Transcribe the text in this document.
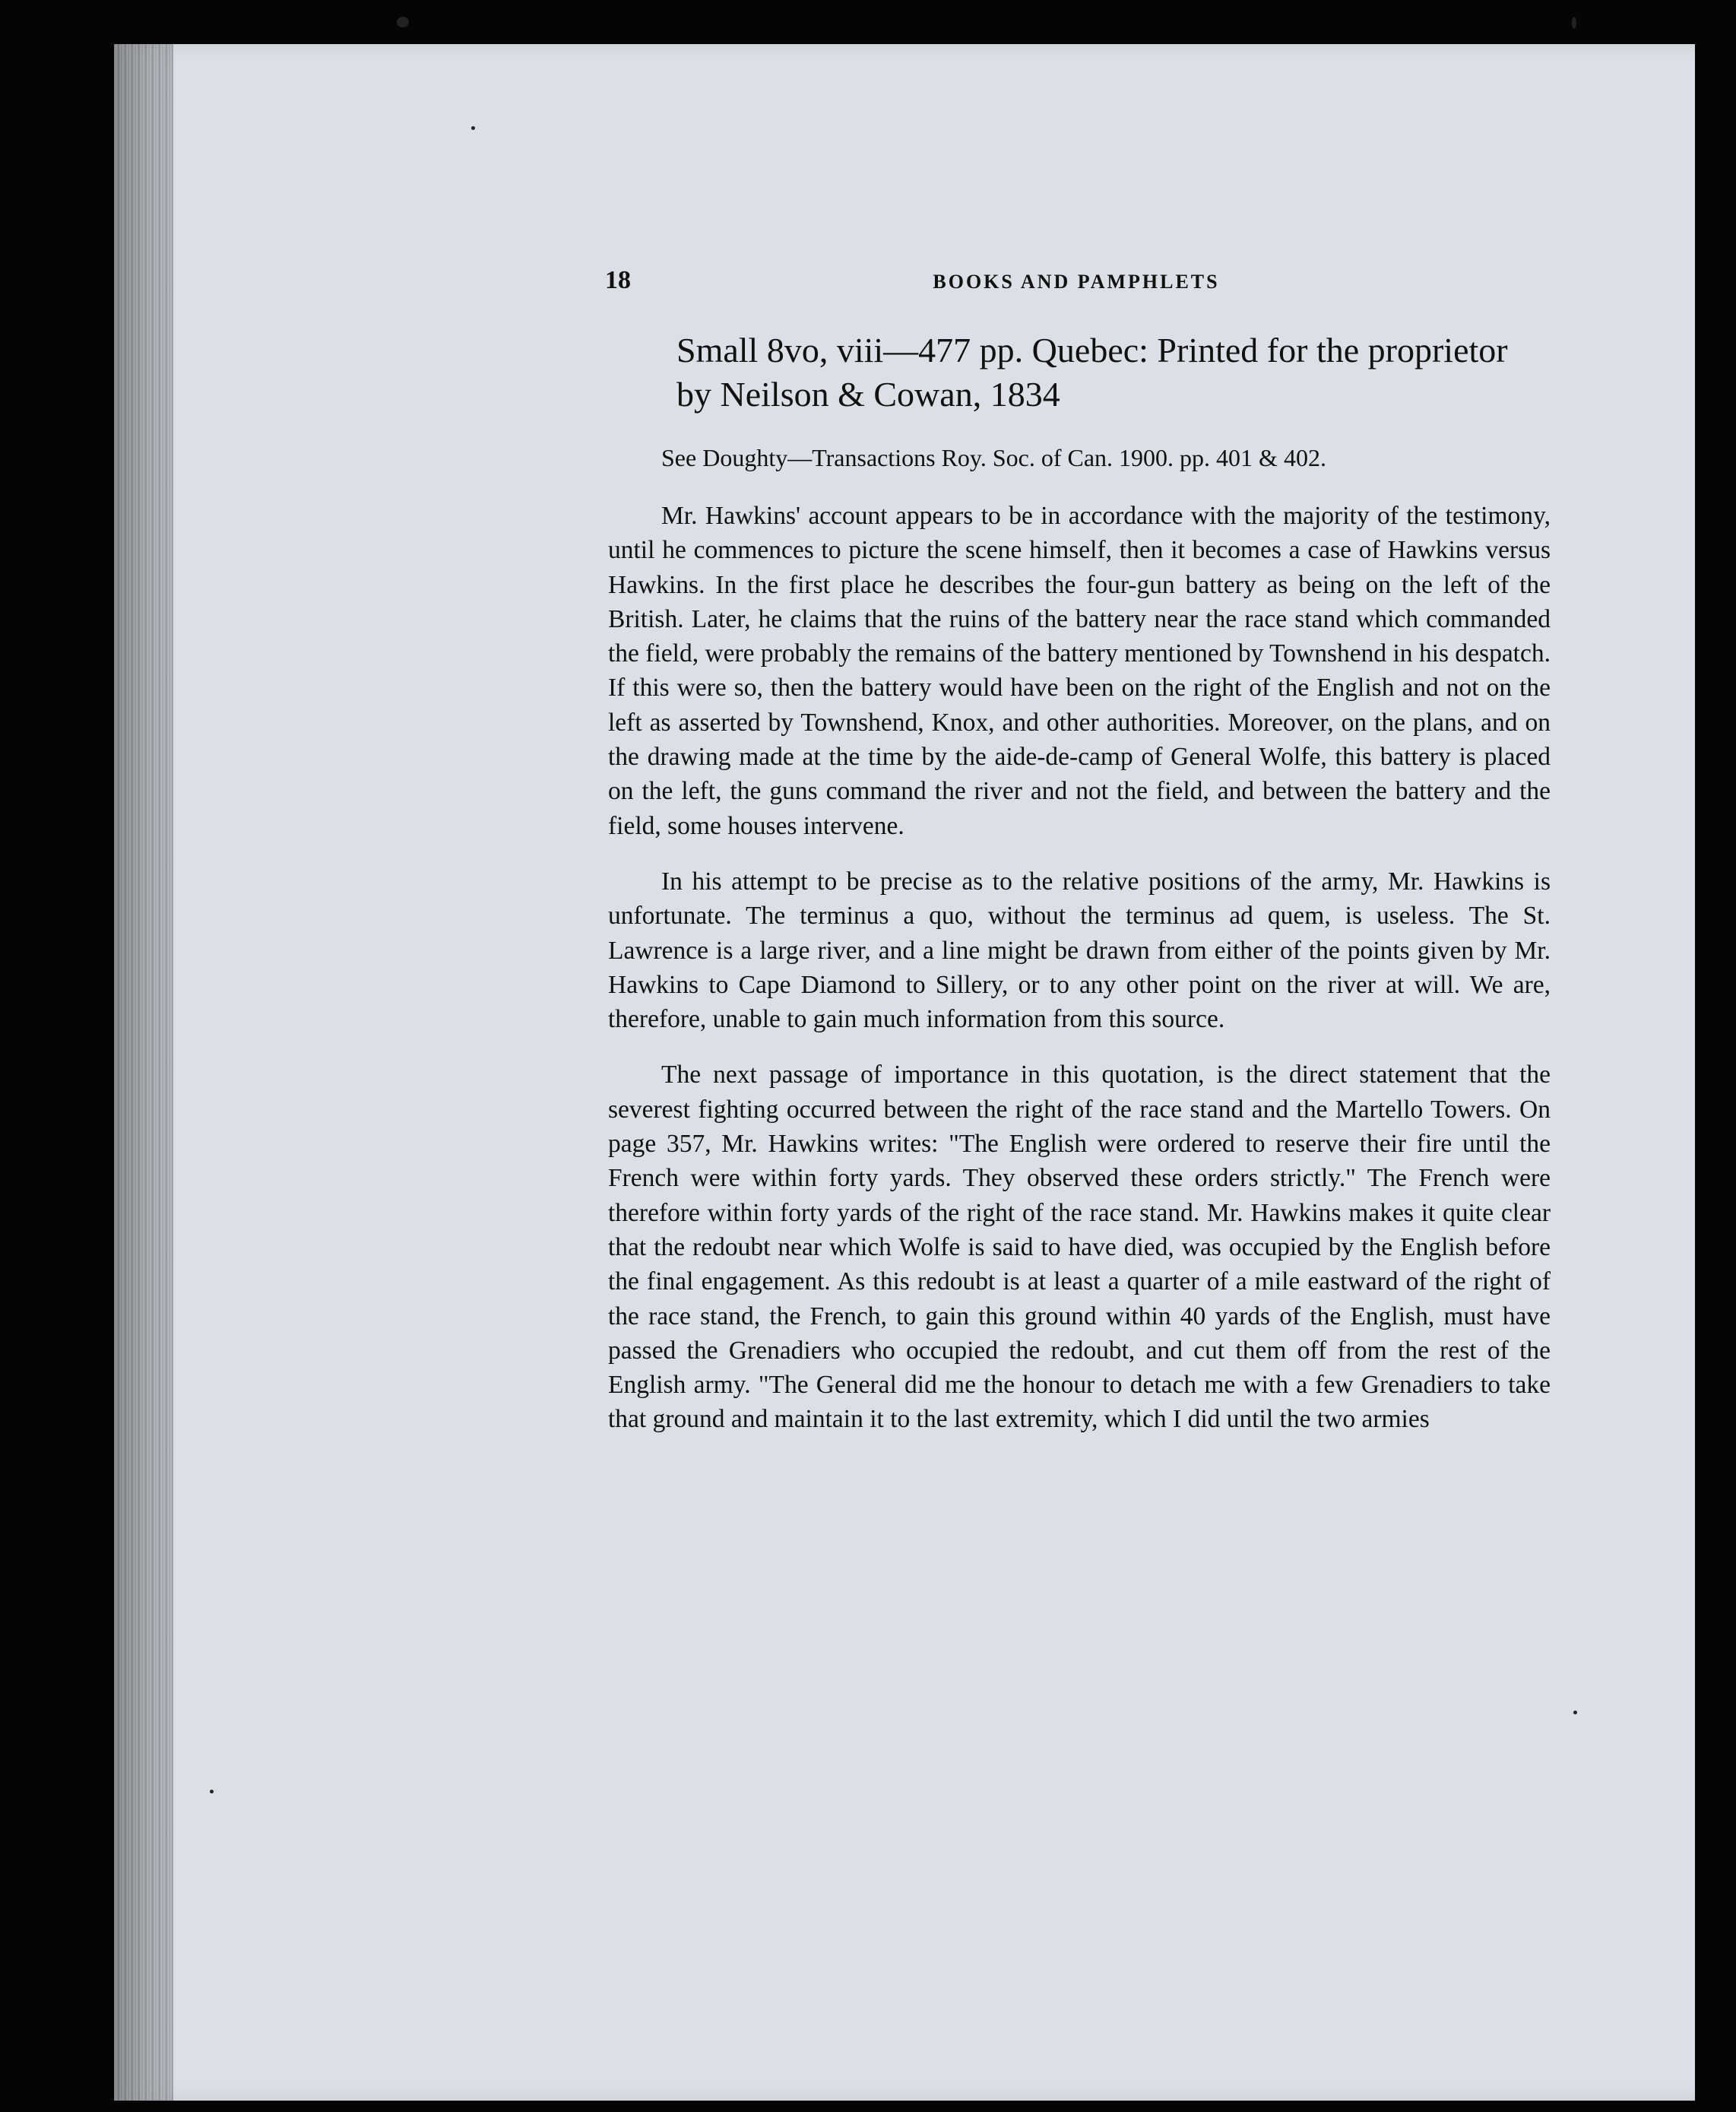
18	BOOKS AND PAMPHLETS
Small 8vo, viii—477 pp. Quebec: Printed for the proprietor by Neilson & Cowan, 1834
See Doughty—Transactions Roy. Soc. of Can. 1900. pp. 401 & 402.

Mr. Hawkins' account appears to be in accordance with the majority of the testimony, until he commences to picture the scene himself, then it becomes a case of Hawkins versus Hawkins. In the first place he describes the four-gun battery as being on the left of the British. Later, he claims that the ruins of the battery near the race stand which commanded the field, were probably the remains of the battery mentioned by Townshend in his despatch. If this were so, then the battery would have been on the right of the English and not on the left as asserted by Townshend, Knox, and other authorities. Moreover, on the plans, and on the drawing made at the time by the aide-de-camp of General Wolfe, this battery is placed on the left, the guns command the river and not the field, and between the battery and the field, some houses intervene.

In his attempt to be precise as to the relative positions of the army, Mr. Hawkins is unfortunate. The terminus a quo, without the terminus ad quem, is useless. The St. Lawrence is a large river, and a line might be drawn from either of the points given by Mr. Hawkins to Cape Diamond to Sillery, or to any other point on the river at will. We are, therefore, unable to gain much information from this source.

The next passage of importance in this quotation, is the direct statement that the severest fighting occurred between the right of the race stand and the Martello Towers. On page 357, Mr. Hawkins writes: "The English were ordered to reserve their fire until the French were within forty yards. They observed these orders strictly." The French were therefore within forty yards of the right of the race stand. Mr. Hawkins makes it quite clear that the redoubt near which Wolfe is said to have died, was occupied by the English before the final engagement. As this redoubt is at least a quarter of a mile eastward of the right of the race stand, the French, to gain this ground within 40 yards of the English, must have passed the Grenadiers who occupied the redoubt, and cut them off from the rest of the English army. "The General did me the honour to detach me with a few Grenadiers to take that ground and maintain it to the last extremity, which I did until the two armies
